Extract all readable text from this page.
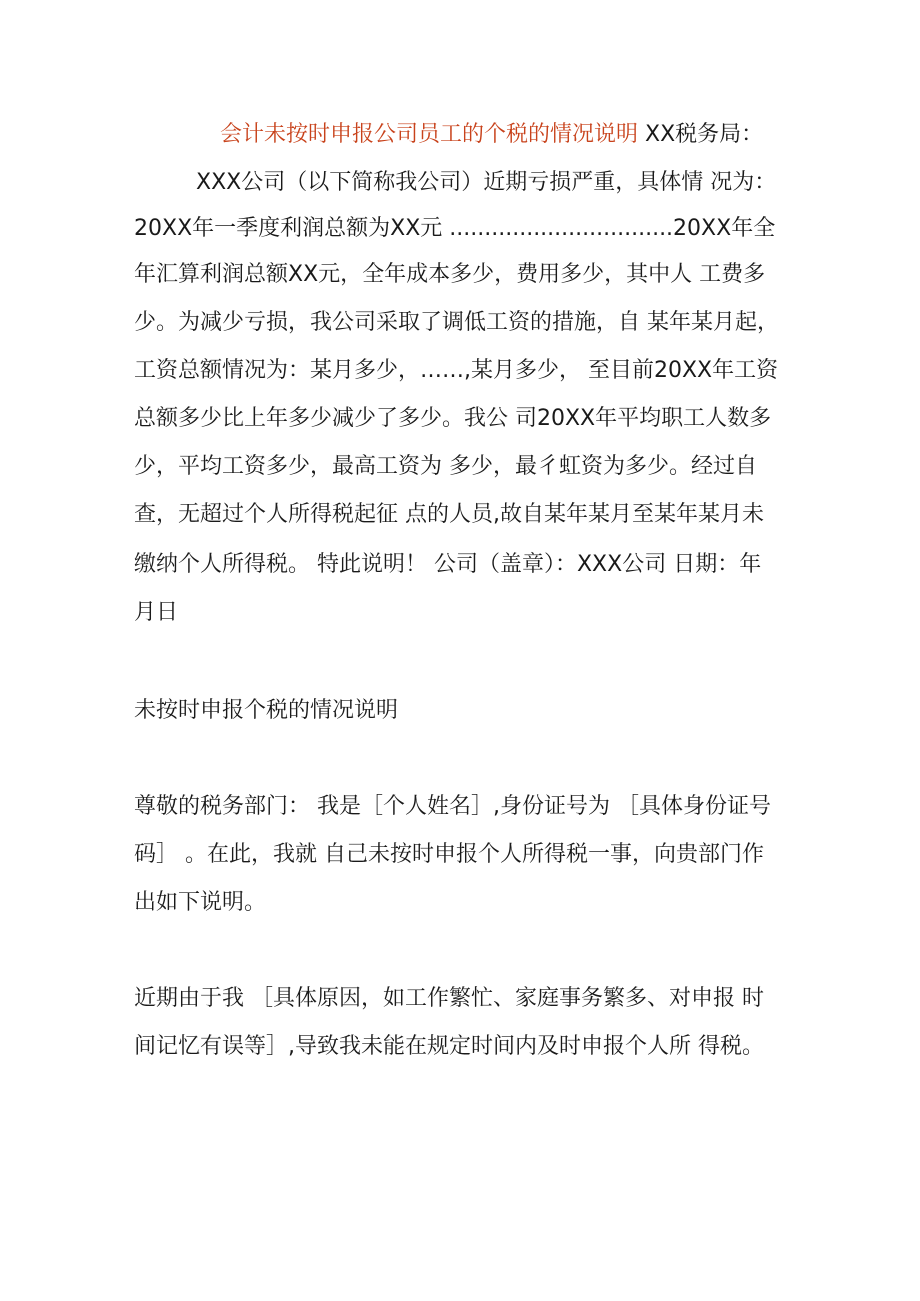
会计未按时申报公司员工的个税的情况说明 XX税务局：
XXX公司（以下简称我公司）近期亏损严重，具体情 况为：
20XX年一季度利润总额为XX元 ................................20XX年全
年汇算利润总额XX元，全年成本多少，费用多少，其中人 工费多
少。为减少亏损，我公司采取了调低工资的措施，自 某年某月起，
工资总额情况为：某月多少，……,某月多少， 至目前20XX年工资
总额多少比上年多少减少了多少。我公 司20XX年平均职工人数多
少，平均工资多少，最高工资为 多少，最彳虹资为多少。经过自
查，无超过个人所得税起征 点的人员,故自某年某月至某年某月未
缴纳个人所得税。 特此说明！ 公司（盖章）：XXX公司 日期：年
月日
未按时申报个税的情况说明
尊敬的税务部门： 我是［个人姓名］,身份证号为 ［具体身份证号
码］ 。在此，我就 自己未按时申报个人所得税一事，向贵部门作
出如下说明。
近期由于我 ［具体原因，如工作繁忙、家庭事务繁多、对申报 时
间记忆有误等］,导致我未能在规定时间内及时申报个人所 得税。
